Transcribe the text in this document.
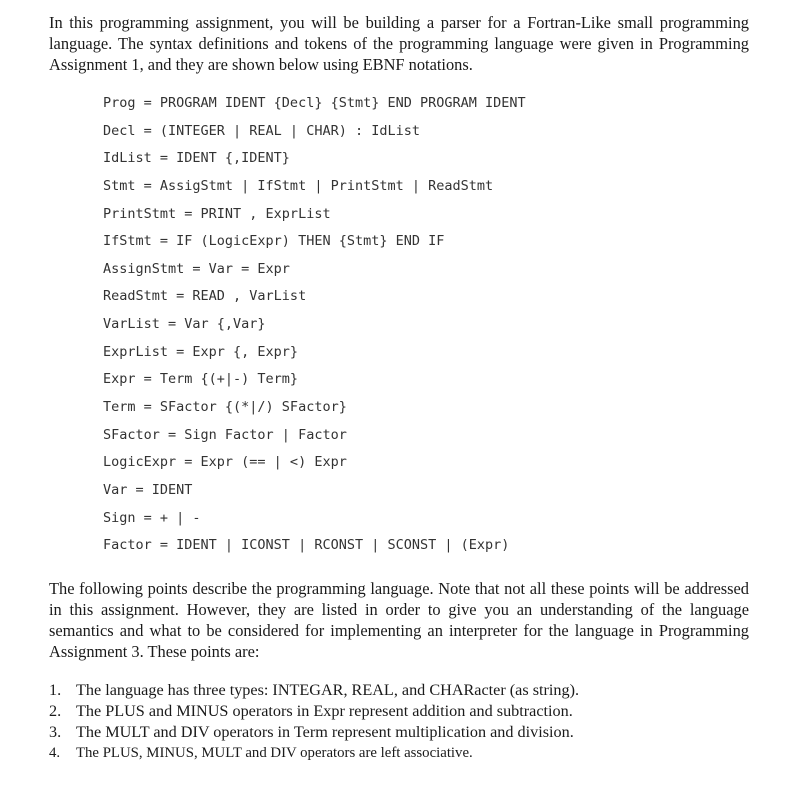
In this programming assignment, you will be building a parser for a Fortran-Like small programming language. The syntax definitions and tokens of the programming language were given in Programming Assignment 1, and they are shown below using EBNF notations.

Prog = PROGRAM IDENT {Decl} {Stmt} END PROGRAM IDENT
Decl = (INTEGER | REAL | CHAR) : IdList
IdList = IDENT {,IDENT}
Stmt = AssigStmt | IfStmt | PrintStmt | ReadStmt
PrintStmt = PRINT , ExprList
IfStmt = IF (LogicExpr) THEN {Stmt} END IF
AssignStmt = Var = Expr
ReadStmt = READ , VarList
VarList = Var {,Var}
ExprList = Expr {, Expr}
Expr = Term {(+|-) Term}
Term = SFactor {(*|/) SFactor}
SFactor = Sign Factor | Factor
LogicExpr = Expr (== | <) Expr
Var = IDENT
Sign = + | -
Factor = IDENT | ICONST | RCONST | SCONST | (Expr)

The following points describe the programming language. Note that not all these points will be addressed in this assignment. However, they are listed in order to give you an understanding of the language semantics and what to be considered for implementing an interpreter for the language in Programming Assignment 3. These points are:

1. The language has three types: INTEGAR, REAL, and CHARacter (as string).
2. The PLUS and MINUS operators in Expr represent addition and subtraction.
3. The MULT and DIV operators in Term represent multiplication and division.
4.	The PLUS, MINUS, MULT and DIV operators are left associative.
